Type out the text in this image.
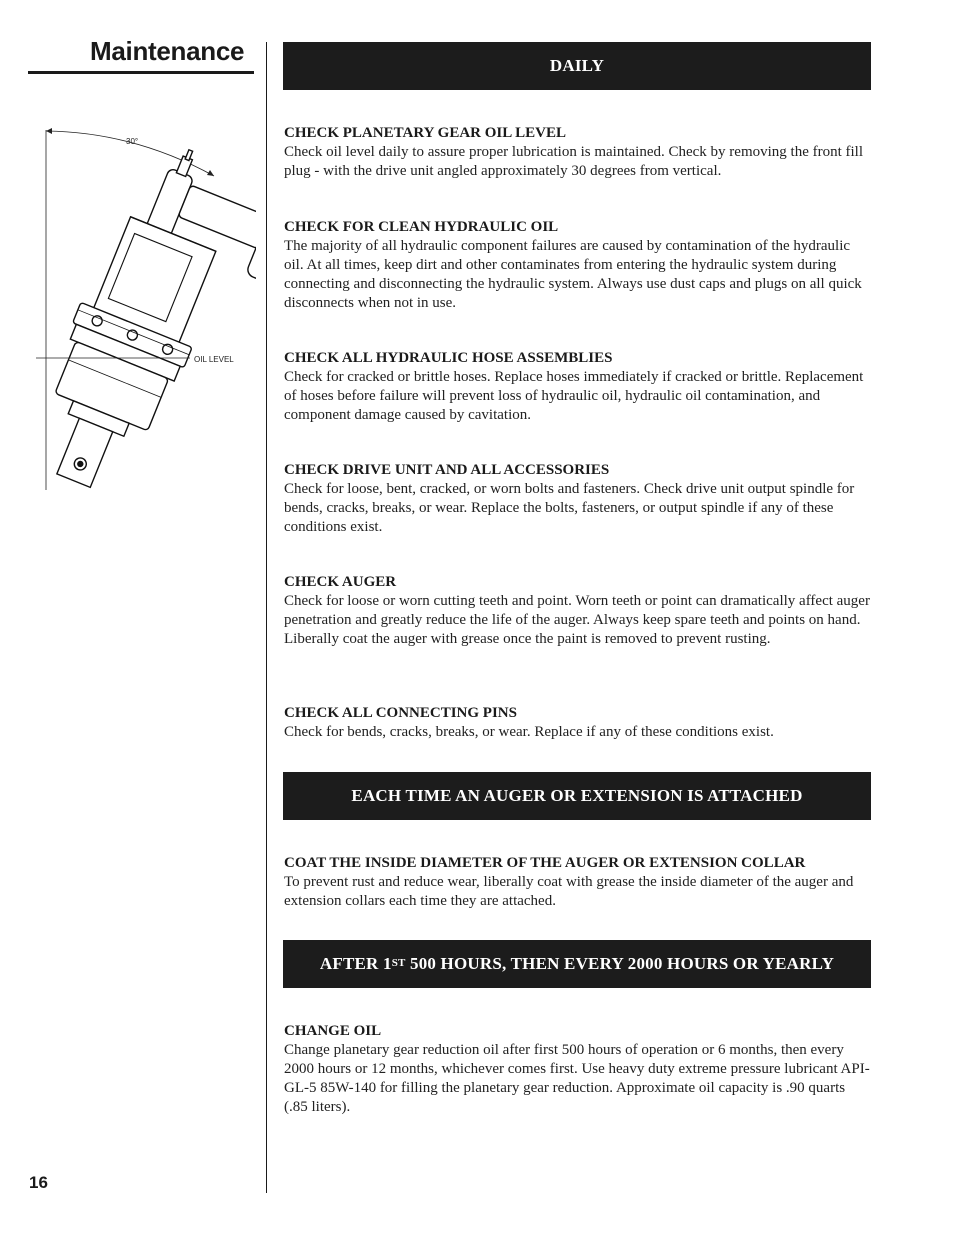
Maintenance
30°
OIL LEVEL
DAILY
EACH TIME AN AUGER OR EXTENSION IS ATTACHED
AFTER 1ST 500 HOURS, THEN EVERY 2000 HOURS OR YEARLY
CHECK PLANETARY GEAR OIL LEVEL

Check oil level daily to assure proper lubrication is maintained. Check by removing the front fill plug - with the drive unit angled approximately 30 degrees from vertical.

CHECK FOR CLEAN HYDRAULIC OIL

The majority of all hydraulic component failures are caused by contamination of the hydraulic oil. At all times, keep dirt and other contaminates from entering the hydraulic system during connecting and disconnecting the hydraulic system. Always use dust caps and plugs on all quick disconnects when not in use.

CHECK ALL HYDRAULIC HOSE ASSEMBLIES

Check for cracked or brittle hoses. Replace hoses immediately if cracked or brittle. Replacement of hoses before failure will prevent loss of hydraulic oil, hydraulic oil contamination, and component damage caused by cavitation.

CHECK DRIVE UNIT AND ALL ACCESSORIES

Check for loose, bent, cracked, or worn bolts and fasteners. Check drive unit output spindle for bends, cracks, breaks, or wear. Replace the bolts, fasteners, or output spindle if any of these conditions exist.

CHECK AUGER

Check for loose or worn cutting teeth and point. Worn teeth or point can dramatically affect auger penetration and greatly reduce the life of the auger. Always keep spare teeth and points on hand. Liberally coat the auger with grease once the paint is removed to prevent rusting.

CHECK ALL CONNECTING PINS

Check for bends, cracks, breaks, or wear. Replace if any of these conditions exist.

COAT THE INSIDE DIAMETER OF THE AUGER OR EXTENSION COLLAR

To prevent rust and reduce wear, liberally coat with grease the inside diameter of the auger and extension collars each time they are attached.

CHANGE OIL

Change planetary gear reduction oil after first 500 hours of operation or 6 months, then every 2000 hours or 12 months, whichever comes first. Use heavy duty extreme pressure lubricant API-GL-5 85W-140 for filling the planetary gear reduction. Approximate oil capacity is .90 quarts (.85 liters).

16
